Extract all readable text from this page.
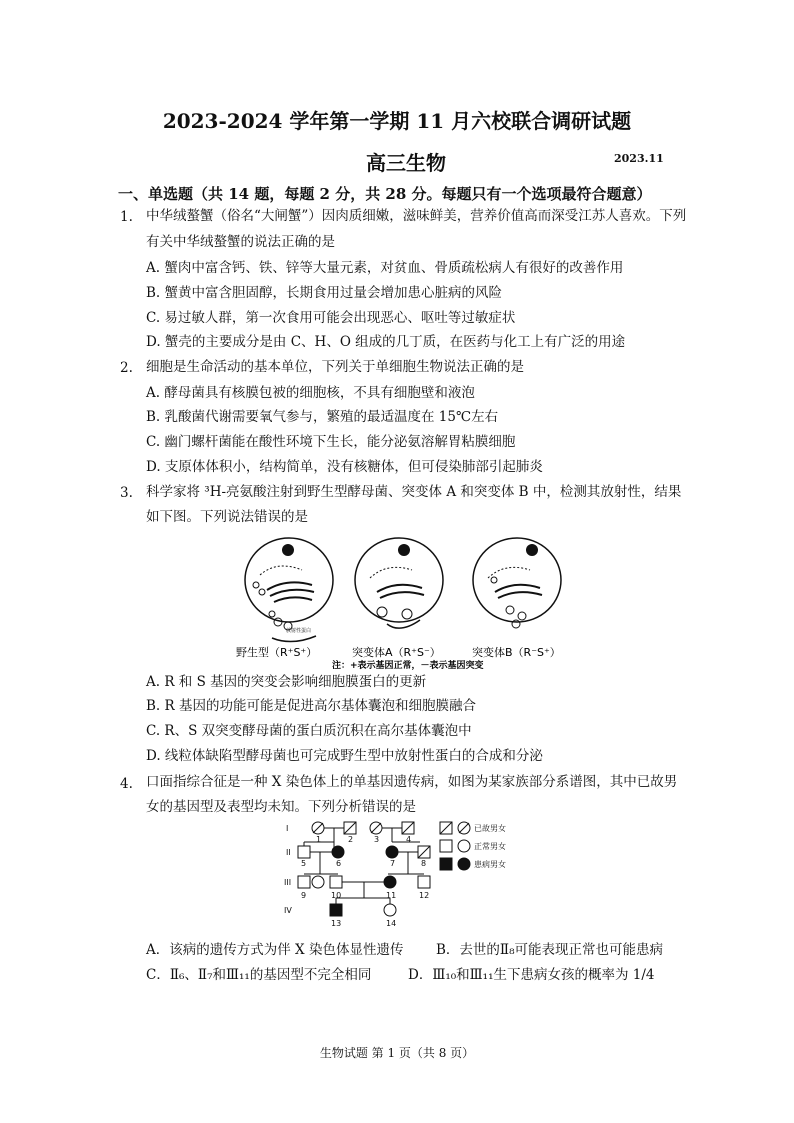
2023-2024 学年第一学期 11 月六校联合调研试题
高三生物	2023.11
一、单选题（共 14 题，每题 2 分，共 28 分。每题只有一个选项最符合题意）
1. 中华绒螯蟹（俗名“大闸蟹”）因肉质细嫩，滋味鲜美，营养价值高而深受江苏人喜欢。下列
有关中华绒螯蟹的说法正确的是
A. 蟹肉中富含钙、铁、锌等大量元素，对贫血、骨质疏松病人有很好的改善作用
B. 蟹黄中富含胆固醇，长期食用过量会增加患心脏病的风险
C. 易过敏人群，第一次食用可能会出现恶心、呕吐等过敏症状
D. 蟹壳的主要成分是由 C、H、O 组成的几丁质，在医药与化工上有广泛的用途
2. 细胞是生命活动的基本单位，下列关于单细胞生物说法正确的是
A. 酵母菌具有核膜包被的细胞核，不具有细胞壁和液泡
B. 乳酸菌代谢需要氧气参与，繁殖的最适温度在 15℃左右
C. 幽门螺杆菌能在酸性环境下生长，能分泌氨溶解胃粘膜细胞
D. 支原体体积小，结构简单，没有核糖体，但可侵染肺部引起肺炎
3. 科学家将 ³H-亮氨酸注射到野生型酵母菌、突变体 A 和突变体 B 中，检测其放射性，结果
如下图。下列说法错误的是
放射性蛋白
野生型（R⁺S⁺）	突变体A（R⁺S⁻）	突变体B（R⁻S⁺）
注：+表示基因正常，－表示基因突变
A. R 和 S 基因的突变会影响细胞膜蛋白的更新
B. R 基因的功能可能是促进高尔基体囊泡和细胞膜融合
C. R、S 双突变酵母菌的蛋白质沉积在高尔基体囊泡中
D. 线粒体缺陷型酵母菌也可完成野生型中放射性蛋白的合成和分泌
4. 口面指综合征是一种 X 染色体上的单基因遗传病，如图为某家族部分系谱图，其中已故男
女的基因型及表型均未知。下列分析错误的是
I
II
III
IV
1	2	3	4
5	6	7	8
9	10	11	12
13	14
已故男女
正常男女
患病男女
A．该病的遗传方式为伴 X 染色体显性遗传 B．去世的Ⅱ₈可能表现正常也可能患病
C．Ⅱ₆、Ⅱ₇和Ⅲ₁₁的基因型不完全相同	D．Ⅲ₁₀和Ⅲ₁₁生下患病女孩的概率为 1/4
生物试题 第 1 页（共 8 页）
